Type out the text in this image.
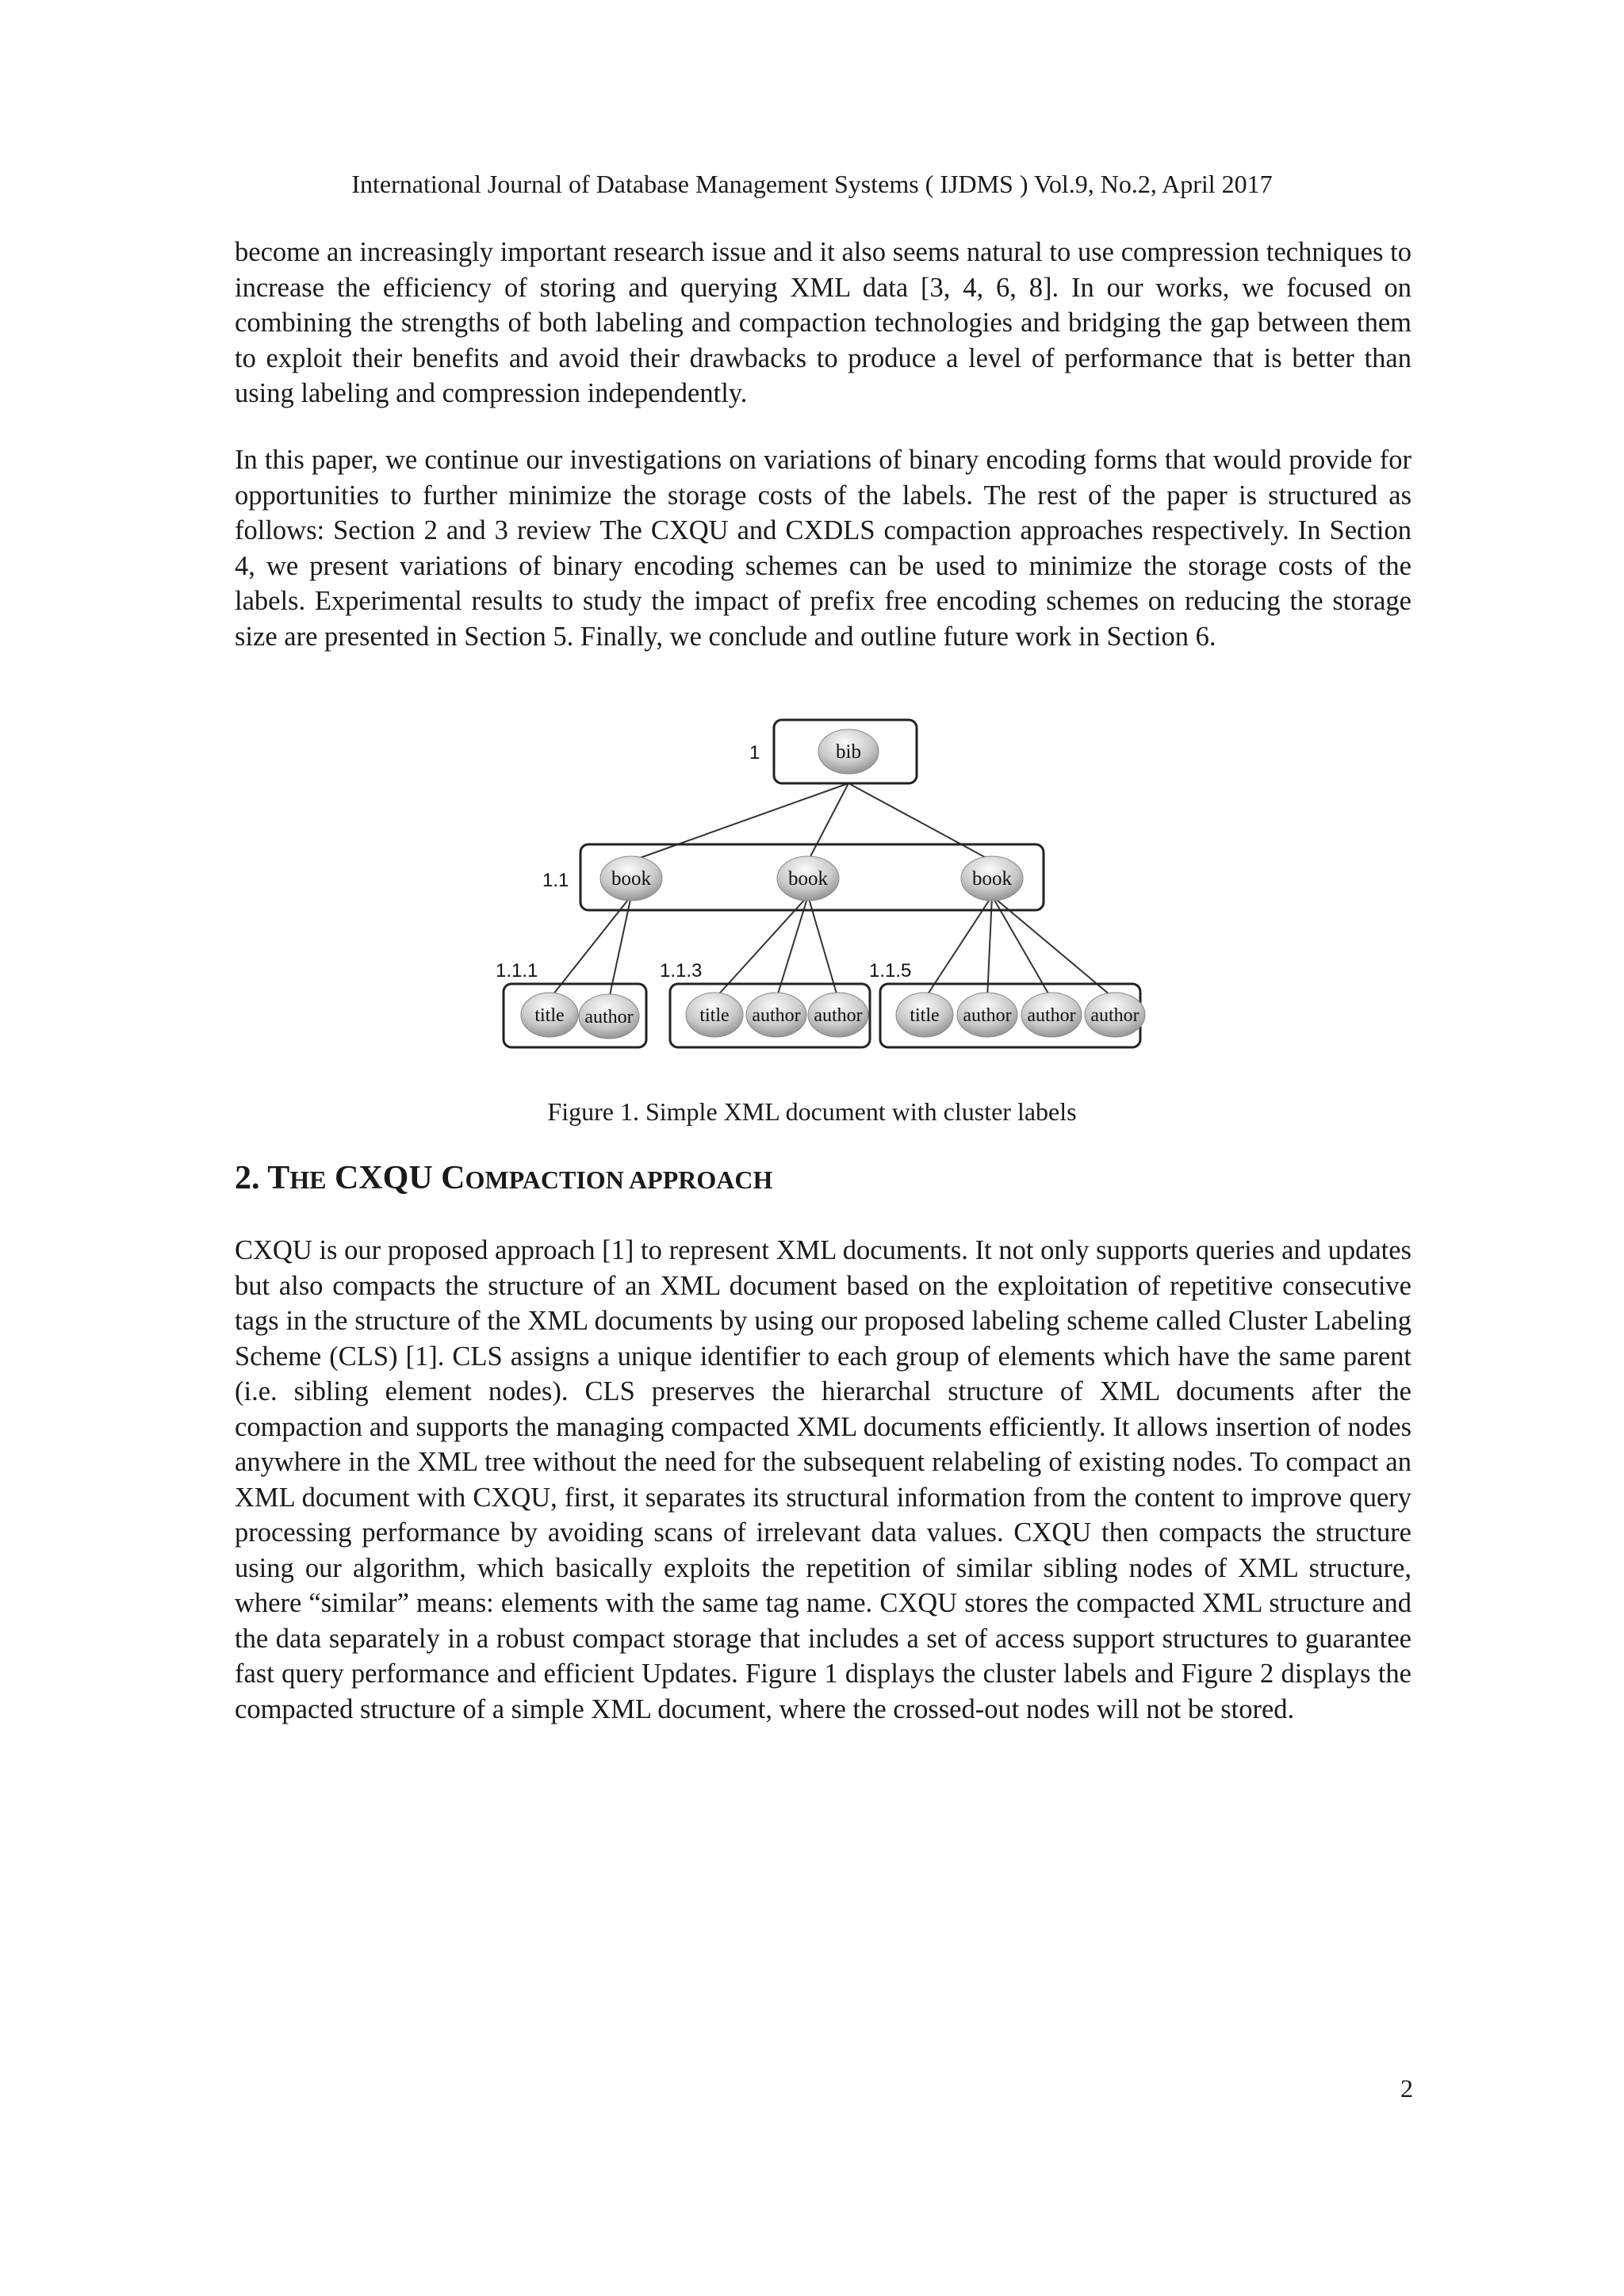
International Journal of Database Management Systems ( IJDMS ) Vol.9, No.2, April 2017

become an increasingly important research issue and it also seems natural to use compression techniques to increase the efficiency of storing and querying XML data [3, 4, 6, 8]. In our works, we focused on combining the strengths of both labeling and compaction technologies and bridging the gap between them to exploit their benefits and avoid their drawbacks to produce a level of performance that is better than using labeling and compression independently.

In this paper, we continue our investigations on variations of binary encoding forms that would provide for opportunities to further minimize the storage costs of the labels. The rest of the paper is structured as follows: Section 2 and 3 review The CXQU and CXDLS compaction approaches respectively. In Section 4, we present variations of binary encoding schemes can be used to minimize the storage costs of the labels. Experimental results to study the impact of prefix free encoding schemes on reducing the storage size are presented in Section 5. Finally, we conclude and outline future work in Section 6.

1
1.1
1.1.1	1.1.3	1.1.5
bib
book	book	book
title author	title author author title author author author
Figure 1. Simple XML document with cluster labels
2. THE CXQU COMPACTION APPROACH

CXQU is our proposed approach [1] to represent XML documents. It not only supports queries and updates but also compacts the structure of an XML document based on the exploitation of repetitive consecutive tags in the structure of the XML documents by using our proposed labeling scheme called Cluster Labeling Scheme (CLS) [1]. CLS assigns a unique identifier to each group of elements which have the same parent (i.e. sibling element nodes). CLS preserves the hierarchal structure of XML documents after the compaction and supports the managing compacted XML documents efficiently. It allows insertion of nodes anywhere in the XML tree without the need for the subsequent relabeling of existing nodes. To compact an XML document with CXQU, first, it separates its structural information from the content to improve query processing performance by avoiding scans of irrelevant data values. CXQU then compacts the structure using our algorithm, which basically exploits the repetition of similar sibling nodes of XML structure, where “similar” means: elements with the same tag name. CXQU stores the compacted XML structure and the data separately in a robust compact storage that includes a set of access support structures to guarantee fast query performance and efficient Updates. Figure 1 displays the cluster labels and Figure 2 displays the compacted structure of a simple XML document, where the crossed-out nodes will not be stored.

2
